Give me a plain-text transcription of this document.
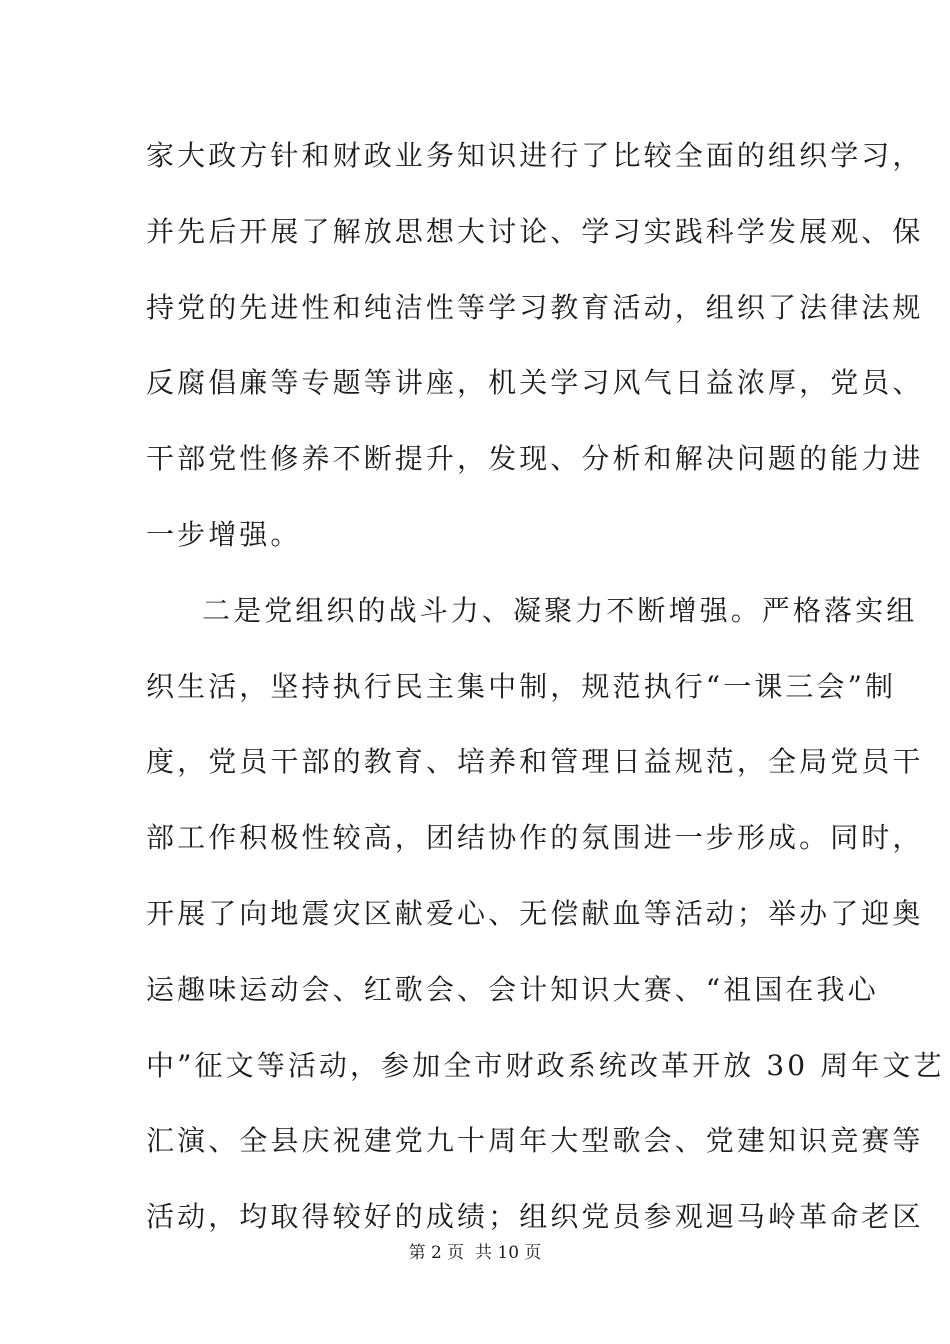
家大政方针和财政业务知识进行了比较全面的组织学习，
并先后开展了解放思想大讨论、学习实践科学发展观、保
持党的先进性和纯洁性等学习教育活动，组织了法律法规
反腐倡廉等专题等讲座，机关学习风气日益浓厚，党员、
干部党性修养不断提升，发现、分析和解决问题的能力进
一步增强。
二是党组织的战斗力、凝聚力不断增强。严格落实组
织生活，坚持执行民主集中制，规范执行“一课三会”制
度，党员干部的教育、培养和管理日益规范，全局党员干
部工作积极性较高，团结协作的氛围进一步形成。同时，
开展了向地震灾区献爱心、无偿献血等活动；举办了迎奥
运趣味运动会、红歌会、会计知识大赛、“祖国在我心
中”征文等活动，参加全市财政系统改革开放 30 周年文艺
汇演、全县庆祝建党九十周年大型歌会、党建知识竞赛等
活动，均取得较好的成绩；组织党员参观迴马岭革命老区
第 2 页  共 10 页
